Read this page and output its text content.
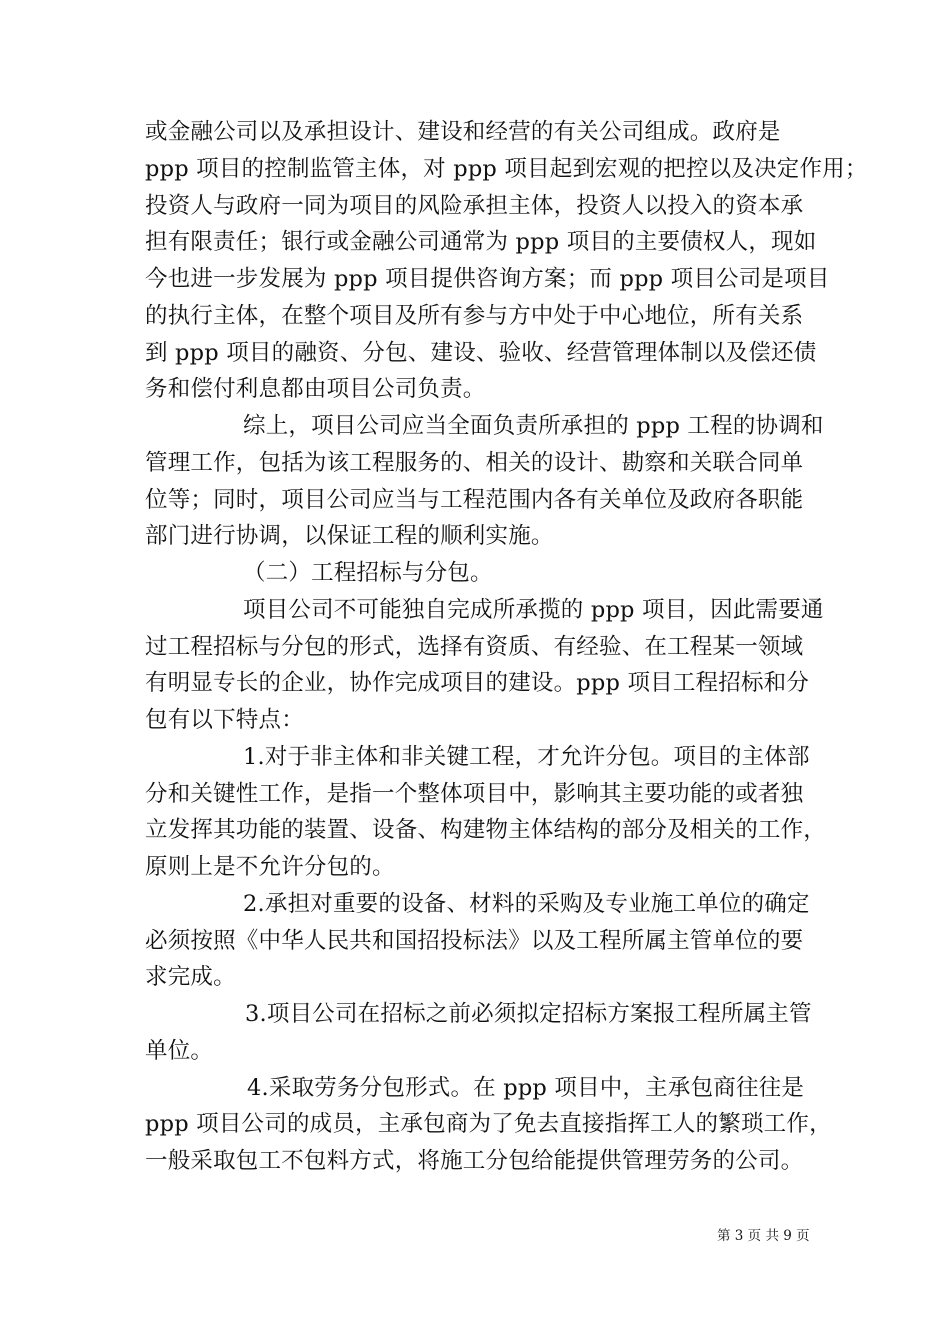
或金融公司以及承担设计、建设和经营的有关公司组成。政府是
ppp 项目的控制监管主体，对 ppp 项目起到宏观的把控以及决定作用；
投资人与政府一同为项目的风险承担主体，投资人以投入的资本承
担有限责任；银行或金融公司通常为 ppp 项目的主要债权人，现如
今也进一步发展为 ppp 项目提供咨询方案；而 ppp 项目公司是项目
的执行主体，在整个项目及所有参与方中处于中心地位，所有关系
到 ppp 项目的融资、分包、建设、验收、经营管理体制以及偿还债
务和偿付利息都由项目公司负责。
综上，项目公司应当全面负责所承担的 ppp 工程的协调和
管理工作，包括为该工程服务的、相关的设计、勘察和关联合同单
位等；同时，项目公司应当与工程范围内各有关单位及政府各职能
部门进行协调，以保证工程的顺利实施。
（二）工程招标与分包。
项目公司不可能独自完成所承揽的 ppp 项目，因此需要通
过工程招标与分包的形式，选择有资质、有经验、在工程某一领域
有明显专长的企业，协作完成项目的建设。ppp 项目工程招标和分
包有以下特点：
1.对于非主体和非关键工程，才允许分包。项目的主体部
分和关键性工作，是指一个整体项目中，影响其主要功能的或者独
立发挥其功能的装置、设备、构建物主体结构的部分及相关的工作，
原则上是不允许分包的。
2.承担对重要的设备、材料的采购及专业施工单位的确定
必须按照《中华人民共和国招投标法》以及工程所属主管单位的要
求完成。
3.项目公司在招标之前必须拟定招标方案报工程所属主管
单位。
4.采取劳务分包形式。在 ppp 项目中，主承包商往往是
ppp 项目公司的成员，主承包商为了免去直接指挥工人的繁琐工作，
一般采取包工不包料方式，将施工分包给能提供管理劳务的公司。
第 3 页 共 9 页
